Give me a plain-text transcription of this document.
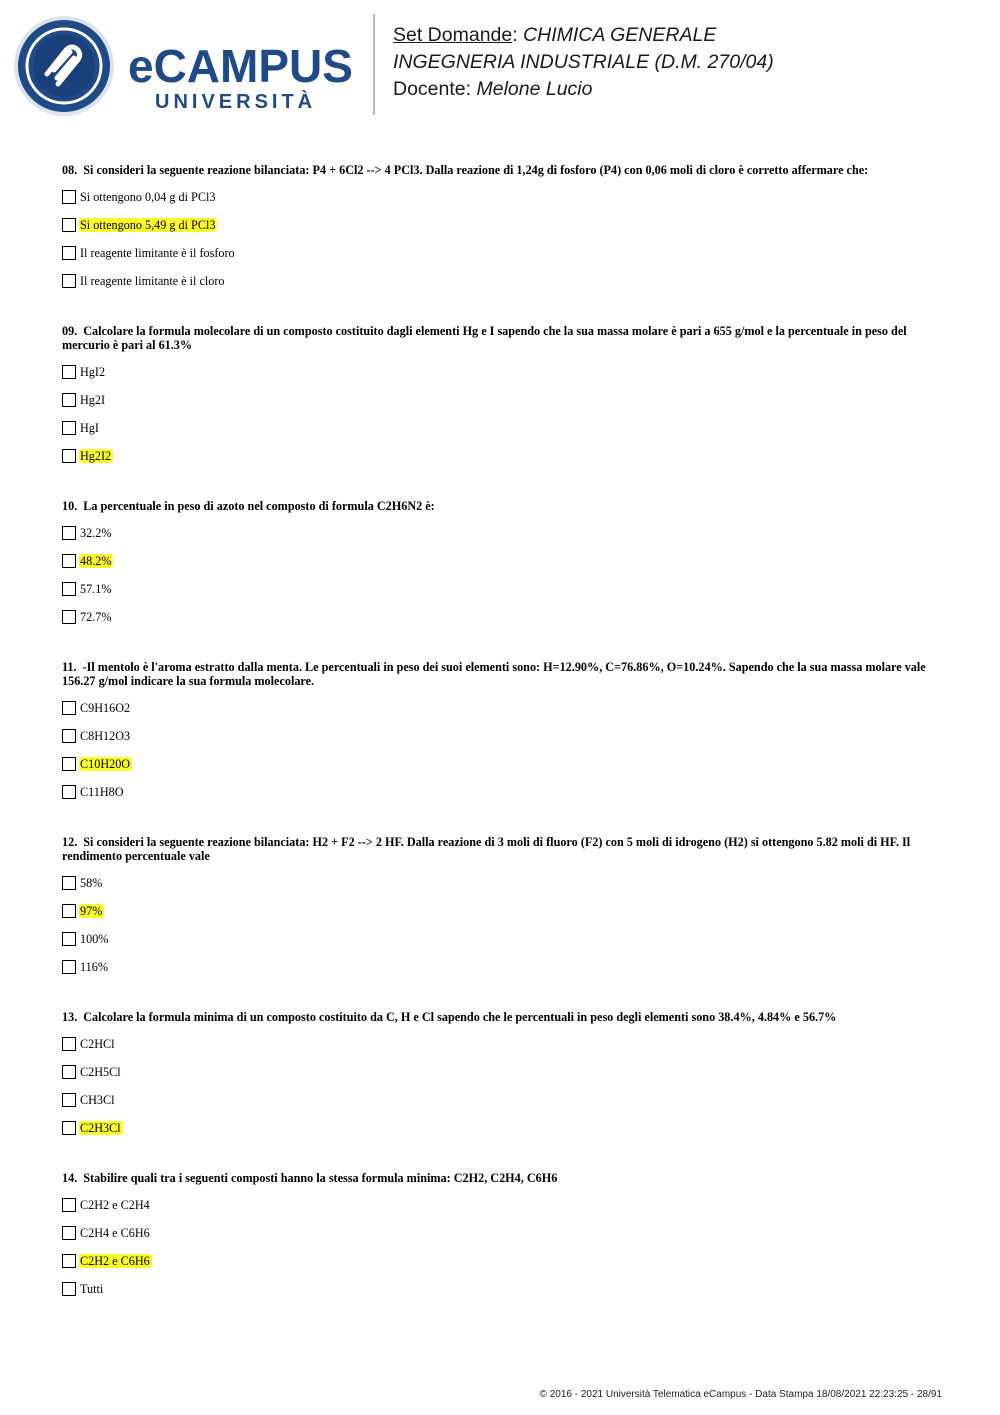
eCAMPUS
UNIVERSITÀ
Set Domande: CHIMICA GENERALE
INGEGNERIA INDUSTRIALE (D.M. 270/04)
Docente: Melone Lucio
08. Si consideri la seguente reazione bilanciata: P4 + 6Cl2 --> 4 PCl3. Dalla reazione di 1,24g di fosforo (P4) con 0,06 moli di cloro è corretto affermare che:
Si ottengono 0,04 g di PCl3
Si ottengono 5,49 g di PCl3
Il reagente limitante è il fosforo
Il reagente limitante è il cloro
09. Calcolare la formula molecolare di un composto costituito dagli elementi Hg e I sapendo che la sua massa molare è pari a 655 g/mol e la percentuale in peso del mercurio è pari al 61.3%
HgI2
Hg2I
HgI
Hg2I2
10. La percentuale in peso di azoto nel composto di formula C2H6N2 è:
32.2%
48.2%
57.1%
72.7%
11. -Il mentolo è l'aroma estratto dalla menta. Le percentuali in peso dei suoi elementi sono: H=12.90%, C=76.86%, O=10.24%. Sapendo che la sua massa molare vale 156.27 g/mol indicare la sua formula molecolare.
C9H16O2
C8H12O3
C10H20O
C11H8O
12. Si consideri la seguente reazione bilanciata: H2 + F2 --> 2 HF. Dalla reazione di 3 moli di fluoro (F2) con 5 moli di idrogeno (H2) si ottengono 5.82 moli di HF. Il rendimento percentuale vale
58%
97%
100%
116%
13. Calcolare la formula minima di un composto costituito da C, H e Cl sapendo che le percentuali in peso degli elementi sono 38.4%, 4.84% e 56.7%
C2HCl
C2H5Cl
CH3Cl
C2H3Cl
14. Stabilire quali tra i seguenti composti hanno la stessa formula minima: C2H2, C2H4, C6H6
C2H2 e C2H4
C2H4 e C6H6
C2H2 e C6H6
Tutti
© 2016 - 2021 Università Telematica eCampus - Data Stampa 18/08/2021 22:23:25 - 28/91
